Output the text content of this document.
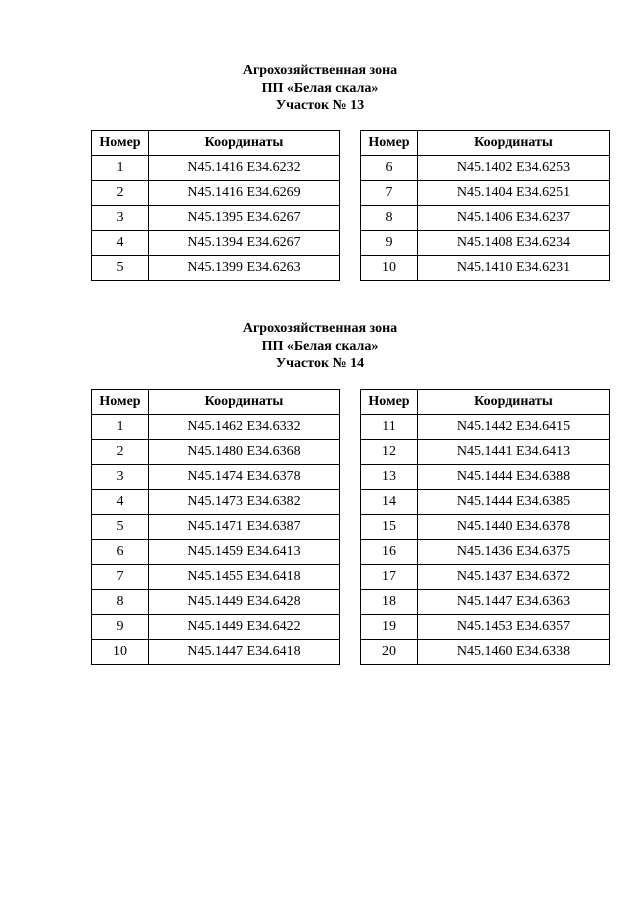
Агрохозяйственная зона
ПП «Белая скала»
Участок № 13
Номер	Координаты
1	N45.1416 E34.6232
2	N45.1416 E34.6269
3	N45.1395 E34.6267
4	N45.1394 E34.6267
5	N45.1399 E34.6263
Номер	Координаты
6	N45.1402 E34.6253
7	N45.1404 E34.6251
8	N45.1406 E34.6237
9	N45.1408 E34.6234
10	N45.1410 E34.6231
Агрохозяйственная зона
ПП «Белая скала»
Участок № 14
Номер	Координаты
1	N45.1462 E34.6332
2	N45.1480 E34.6368
3	N45.1474 E34.6378
4	N45.1473 E34.6382
5	N45.1471 E34.6387
6	N45.1459 E34.6413
7	N45.1455 E34.6418
8	N45.1449 E34.6428
9	N45.1449 E34.6422
10	N45.1447 E34.6418
Номер	Координаты
11	N45.1442 E34.6415
12	N45.1441 E34.6413
13	N45.1444 E34.6388
14	N45.1444 E34.6385
15	N45.1440 E34.6378
16	N45.1436 E34.6375
17	N45.1437 E34.6372
18	N45.1447 E34.6363
19	N45.1453 E34.6357
20	N45.1460 E34.6338
